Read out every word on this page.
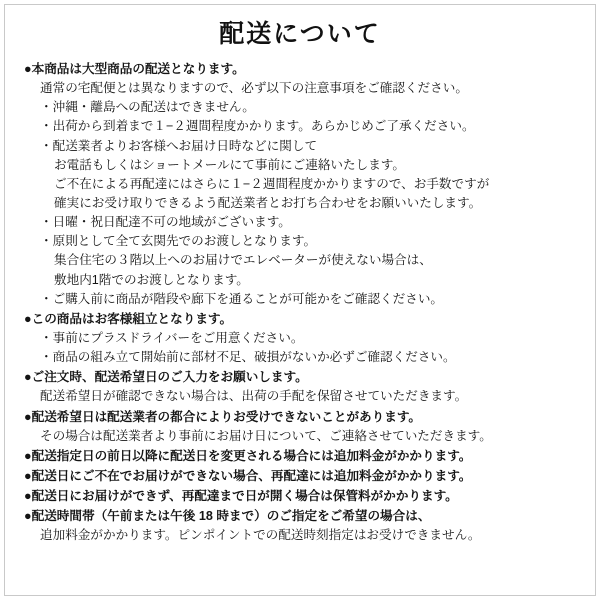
配送について
●本商品は大型商品の配送となります。
通常の宅配便とは異なりますので、必ず以下の注意事項をご確認ください。
・沖縄・離島への配送はできません。
・出荷から到着まで１−２週間程度かかります。あらかじめご了承ください。
・配送業者よりお客様へお届け日時などに関して
お電話もしくはショートメールにて事前にご連絡いたします。
ご不在による再配達にはさらに１−２週間程度かかりますので、お手数ですが
確実にお受け取りできるよう配送業者とお打ち合わせをお願いいたします。
・日曜・祝日配達不可の地域がございます。
・原則として全て玄関先でのお渡しとなります。
集合住宅の３階以上へのお届けでエレベーターが使えない場合は、
敷地内1階でのお渡しとなります。
・ご購入前に商品が階段や廊下を通ることが可能かをご確認ください。
●この商品はお客様組立となります。
・事前にプラスドライバーをご用意ください。
・商品の組み立て開始前に部材不足、破損がないか必ずご確認ください。
●ご注文時、配送希望日のご入力をお願いします。
配送希望日が確認できない場合は、出荷の手配を保留させていただきます。
●配送希望日は配送業者の都合によりお受けできないことがあります。
その場合は配送業者より事前にお届け日について、ご連絡させていただきます。
●配送指定日の前日以降に配送日を変更される場合には追加料金がかかります。
●配送日にご不在でお届けができない場合、再配達には追加料金がかかります。
●配送日にお届けができず、再配達まで日が開く場合は保管料がかかります。
●配送時間帯（午前または午後 18 時まで）のご指定をご希望の場合は、
追加料金がかかります。ピンポイントでの配送時刻指定はお受けできません。
